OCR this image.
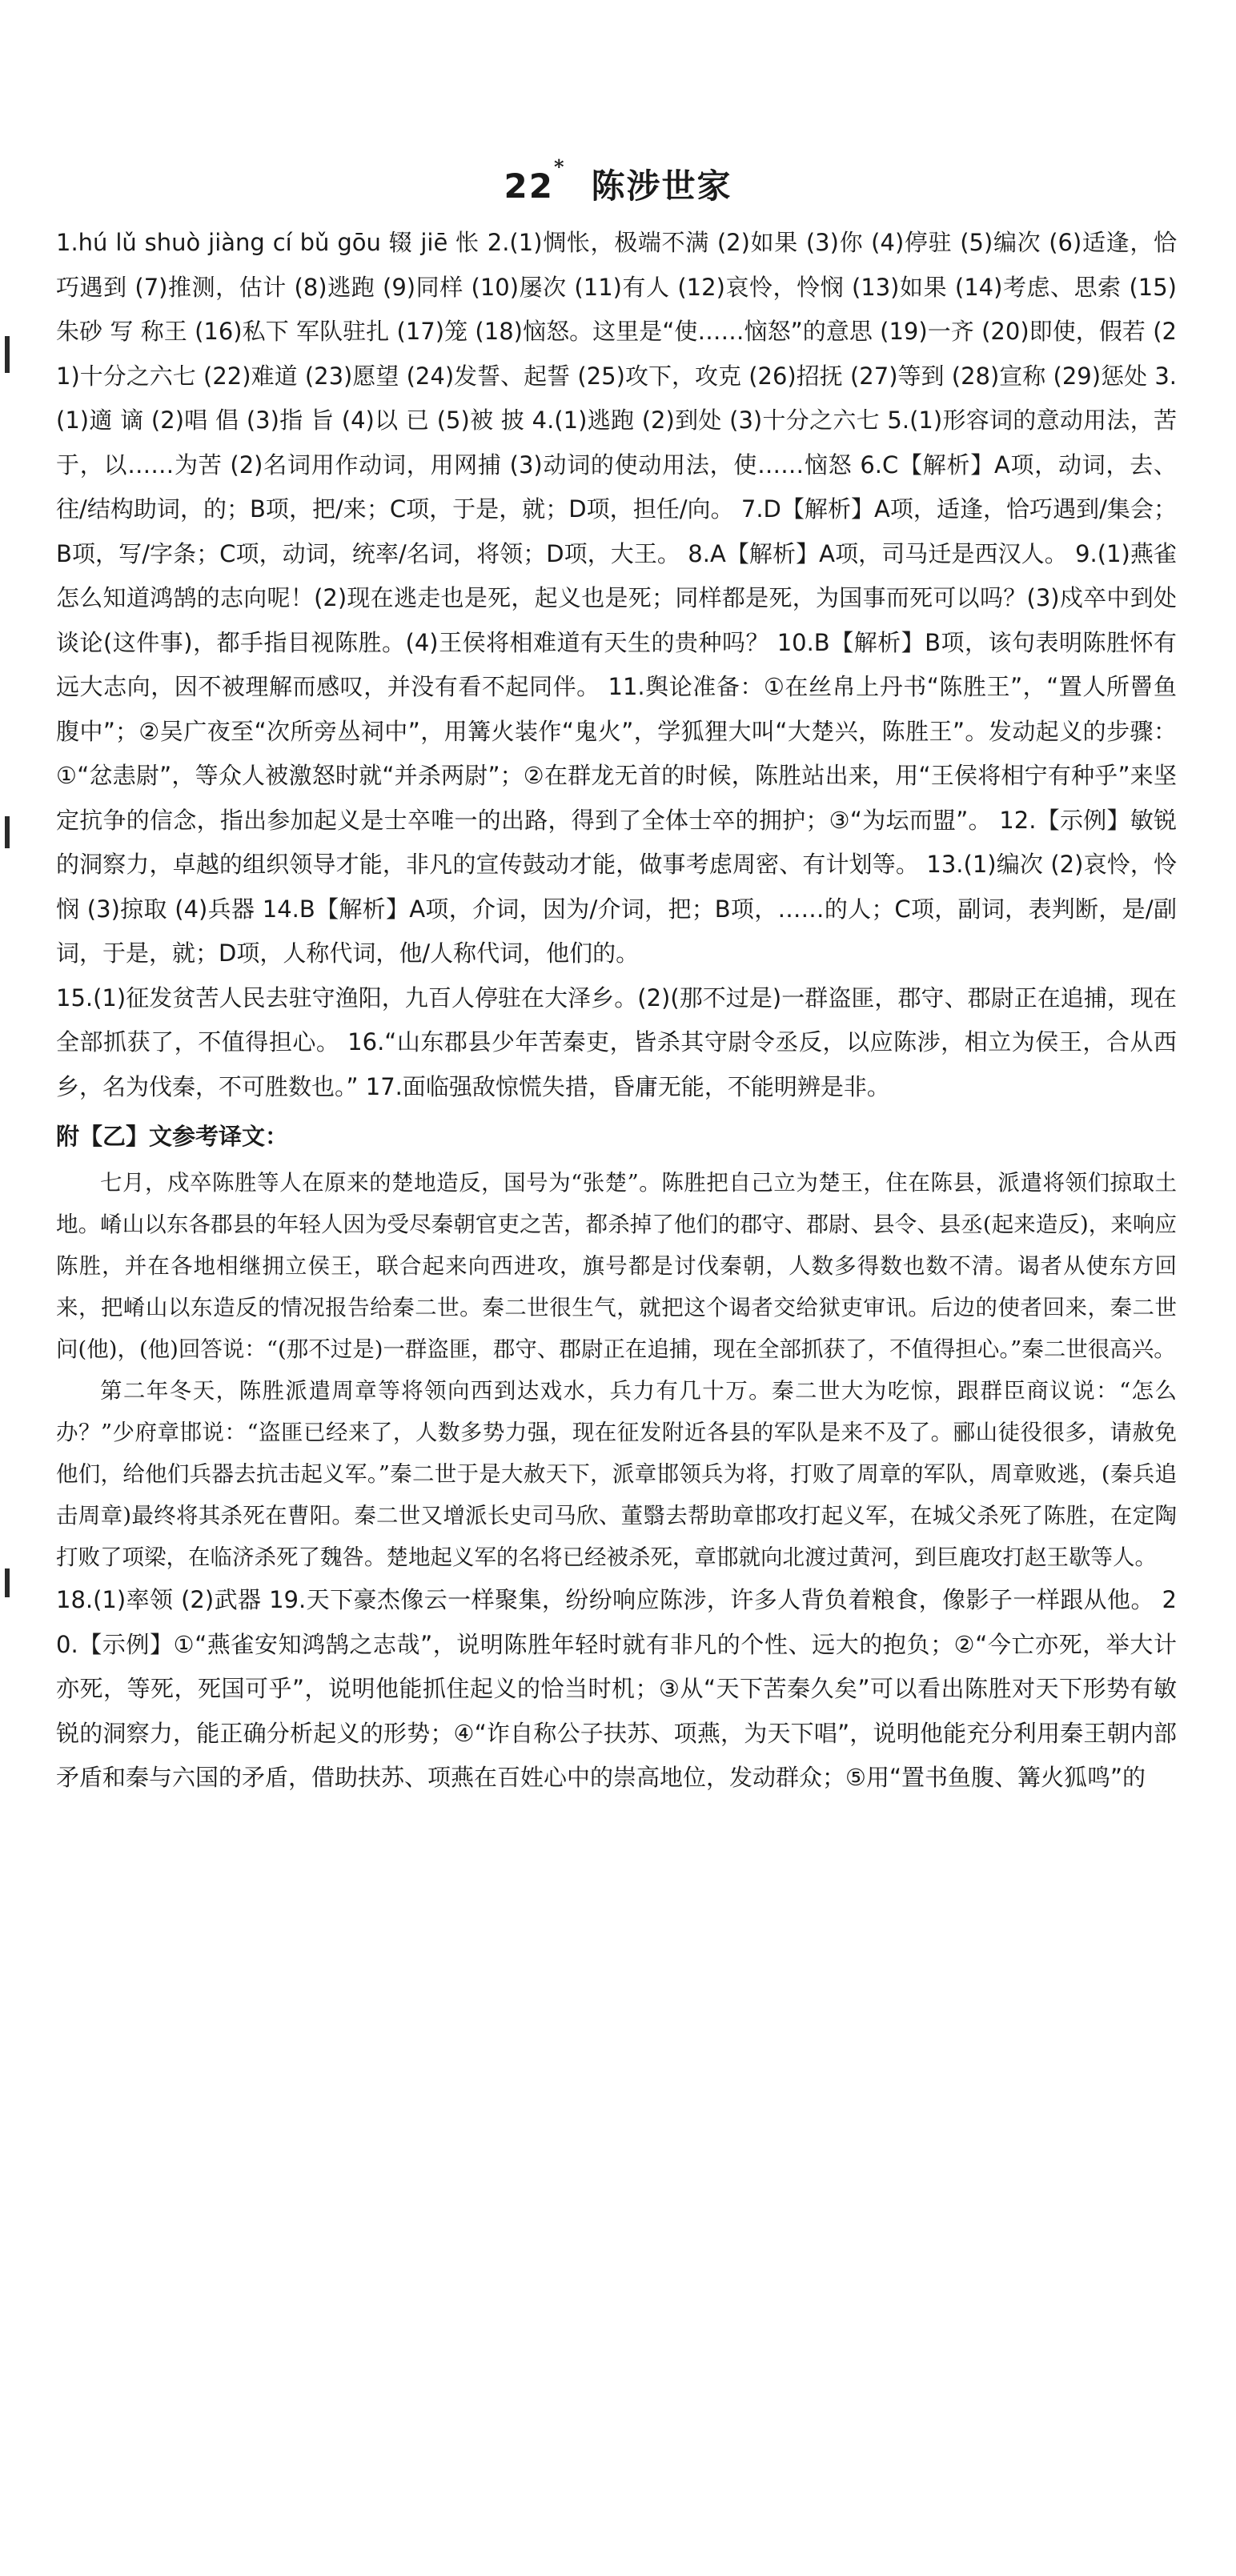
22* 陈涉世家

1.hú lǔ shuò jiàng cí bǔ gōu 辍 jiē 怅 2.(1)惆怅，极端不满 (2)如果 (3)你 (4)停驻 (5)编次 (6)适逢，恰巧遇到 (7)推测，估计 (8)逃跑 (9)同样 (10)屡次 (11)有人 (12)哀怜，怜悯 (13)如果 (14)考虑、思索 (15)朱砂 写 称王 (16)私下 军队驻扎 (17)笼 (18)恼怒。这里是“使……恼怒”的意思 (19)一齐 (20)即使，假若 (21)十分之六七 (22)难道 (23)愿望 (24)发誓、起誓 (25)攻下，攻克 (26)招抚 (27)等到 (28)宣称 (29)惩处 3.(1)適 谪 (2)唱 倡 (3)指 旨 (4)以 已 (5)被 披 4.(1)逃跑 (2)到处 (3)十分之六七 5.(1)形容词的意动用法，苦于，以……为苦 (2)名词用作动词，用网捕 (3)动词的使动用法，使……恼怒 6.C【解析】A项，动词，去、往/结构助词，的；B项，把/来；C项，于是，就；D项，担任/向。 7.D【解析】A项，适逢，恰巧遇到/集会；B项，写/字条；C项，动词，统率/名词，将领；D项，大王。 8.A【解析】A项，司马迁是西汉人。 9.(1)燕雀怎么知道鸿鹄的志向呢！(2)现在逃走也是死，起义也是死；同样都是死，为国事而死可以吗？(3)戍卒中到处谈论(这件事)，都手指目视陈胜。(4)王侯将相难道有天生的贵种吗？ 10.B【解析】B项，该句表明陈胜怀有远大志向，因不被理解而感叹，并没有看不起同伴。 11.舆论准备：①在丝帛上丹书“陈胜王”，“置人所罾鱼腹中”；②吴广夜至“次所旁丛祠中”，用篝火装作“鬼火”，学狐狸大叫“大楚兴，陈胜王”。发动起义的步骤：①“忿恚尉”，等众人被激怒时就“并杀两尉”；②在群龙无首的时候，陈胜站出来，用“王侯将相宁有种乎”来坚定抗争的信念，指出参加起义是士卒唯一的出路，得到了全体士卒的拥护；③“为坛而盟”。 12.【示例】敏锐的洞察力，卓越的组织领导才能，非凡的宣传鼓动才能，做事考虑周密、有计划等。 13.(1)编次 (2)哀怜，怜悯 (3)掠取 (4)兵器 14.B【解析】A项，介词，因为/介词，把；B项，……的人；C项，副词，表判断，是/副词，于是，就；D项，人称代词，他/人称代词，他们的。

15.(1)征发贫苦人民去驻守渔阳，九百人停驻在大泽乡。(2)(那不过是)一群盗匪，郡守、郡尉正在追捕，现在全部抓获了，不值得担心。 16.“山东郡县少年苦秦吏，皆杀其守尉令丞反，以应陈涉，相立为侯王，合从西乡，名为伐秦，不可胜数也。” 17.面临强敌惊慌失措，昏庸无能，不能明辨是非。

附【乙】文参考译文：

七月，戍卒陈胜等人在原来的楚地造反，国号为“张楚”。陈胜把自己立为楚王，住在陈县，派遣将领们掠取土地。崤山以东各郡县的年轻人因为受尽秦朝官吏之苦，都杀掉了他们的郡守、郡尉、县令、县丞(起来造反)，来响应陈胜，并在各地相继拥立侯王，联合起来向西进攻，旗号都是讨伐秦朝，人数多得数也数不清。谒者从使东方回来，把崤山以东造反的情况报告给秦二世。秦二世很生气，就把这个谒者交给狱吏审讯。后边的使者回来，秦二世问(他)，(他)回答说：“(那不过是)一群盗匪，郡守、郡尉正在追捕，现在全部抓获了，不值得担心。”秦二世很高兴。

第二年冬天，陈胜派遣周章等将领向西到达戏水，兵力有几十万。秦二世大为吃惊，跟群臣商议说：“怎么办？”少府章邯说：“盗匪已经来了，人数多势力强，现在征发附近各县的军队是来不及了。郦山徒役很多，请赦免他们，给他们兵器去抗击起义军。”秦二世于是大赦天下，派章邯领兵为将，打败了周章的军队，周章败逃，(秦兵追击周章)最终将其杀死在曹阳。秦二世又增派长史司马欣、董翳去帮助章邯攻打起义军，在城父杀死了陈胜，在定陶打败了项梁，在临济杀死了魏咎。楚地起义军的名将已经被杀死，章邯就向北渡过黄河，到巨鹿攻打赵王歇等人。

18.(1)率领 (2)武器 19.天下豪杰像云一样聚集，纷纷响应陈涉，许多人背负着粮食，像影子一样跟从他。 20.【示例】①“燕雀安知鸿鹄之志哉”，说明陈胜年轻时就有非凡的个性、远大的抱负；②“今亡亦死，举大计亦死，等死，死国可乎”，说明他能抓住起义的恰当时机；③从“天下苦秦久矣”可以看出陈胜对天下形势有敏锐的洞察力，能正确分析起义的形势；④“诈自称公子扶苏、项燕，为天下唱”，说明他能充分利用秦王朝内部矛盾和秦与六国的矛盾，借助扶苏、项燕在百姓心中的崇高地位，发动群众；⑤用“置书鱼腹、篝火狐鸣”的
